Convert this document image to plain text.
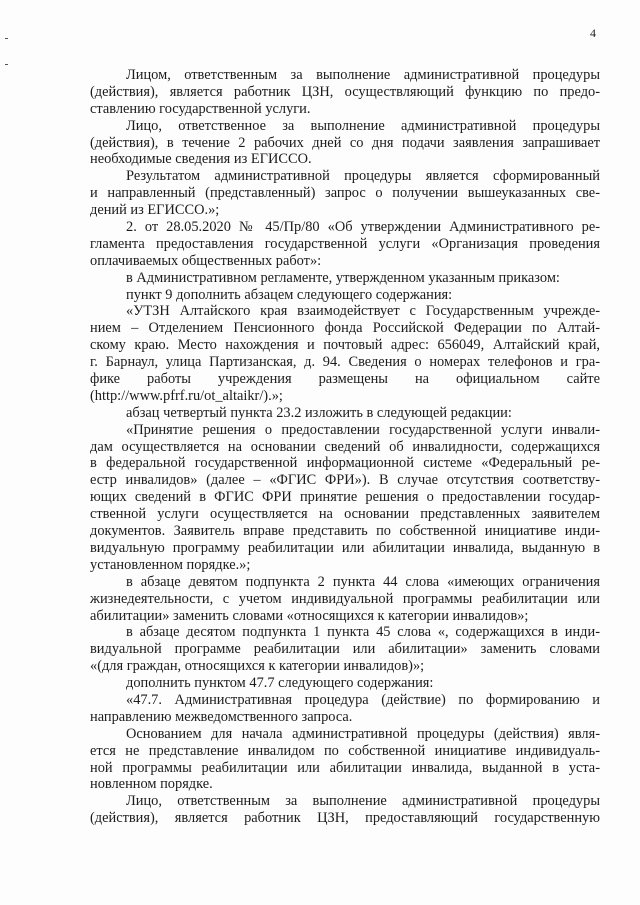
4
Лицом, ответственным за выполнение административной процедуры
(действия), является работник ЦЗН, осуществляющий функцию по предо-
ставлению государственной услуги.
Лицо, ответственное за выполнение административной процедуры
(действия), в течение 2 рабочих дней со дня подачи заявления запрашивает
необходимые сведения из ЕГИССО.
Результатом административной процедуры является сформированный
и направленный (представленный) запрос о получении вышеуказанных све-
дений из ЕГИССО.»;
2. от 28.05.2020 № 45/Пр/80 «Об утверждении Административного ре-
гламента предоставления государственной услуги «Организация проведения
оплачиваемых общественных работ»:
в Административном регламенте, утвержденном указанным приказом:
пункт 9 дополнить абзацем следующего содержания:
«УТЗН Алтайского края взаимодействует с Государственным учрежде-
нием – Отделением Пенсионного фонда Российской Федерации по Алтай-
скому краю. Место нахождения и почтовый адрес: 656049, Алтайский край,
г. Барнаул, улица Партизанская, д. 94. Сведения о номерах телефонов и гра-
фике работы учреждения размещены на официальном сайте
(http://www.pfrf.ru/ot_altaikr/).»;
абзац четвертый пункта 23.2 изложить в следующей редакции:
«Принятие решения о предоставлении государственной услуги инвали-
дам осуществляется на основании сведений об инвалидности, содержащихся
в федеральной государственной информационной системе «Федеральный ре-
естр инвалидов» (далее – «ФГИС ФРИ»). В случае отсутствия соответству-
ющих сведений в ФГИС ФРИ принятие решения о предоставлении государ-
ственной услуги осуществляется на основании представленных заявителем
документов. Заявитель вправе представить по собственной инициативе инди-
видуальную программу реабилитации или абилитации инвалида, выданную в
установленном порядке.»;
в абзаце девятом подпункта 2 пункта 44 слова «имеющих ограничения
жизнедеятельности, с учетом индивидуальной программы реабилитации или
абилитации» заменить словами «относящихся к категории инвалидов»;
в абзаце десятом подпункта 1 пункта 45 слова «, содержащихся в инди-
видуальной программе реабилитации или абилитации» заменить словами
«(для граждан, относящихся к категории инвалидов)»;
дополнить пунктом 47.7 следующего содержания:
«47.7. Административная процедура (действие) по формированию и
направлению межведомственного запроса.
Основанием для начала административной процедуры (действия) явля-
ется не представление инвалидом по собственной инициативе индивидуаль-
ной программы реабилитации или абилитации инвалида, выданной в уста-
новленном порядке.
Лицо, ответственным за выполнение административной процедуры
(действия), является работник ЦЗН, предоставляющий государственную
